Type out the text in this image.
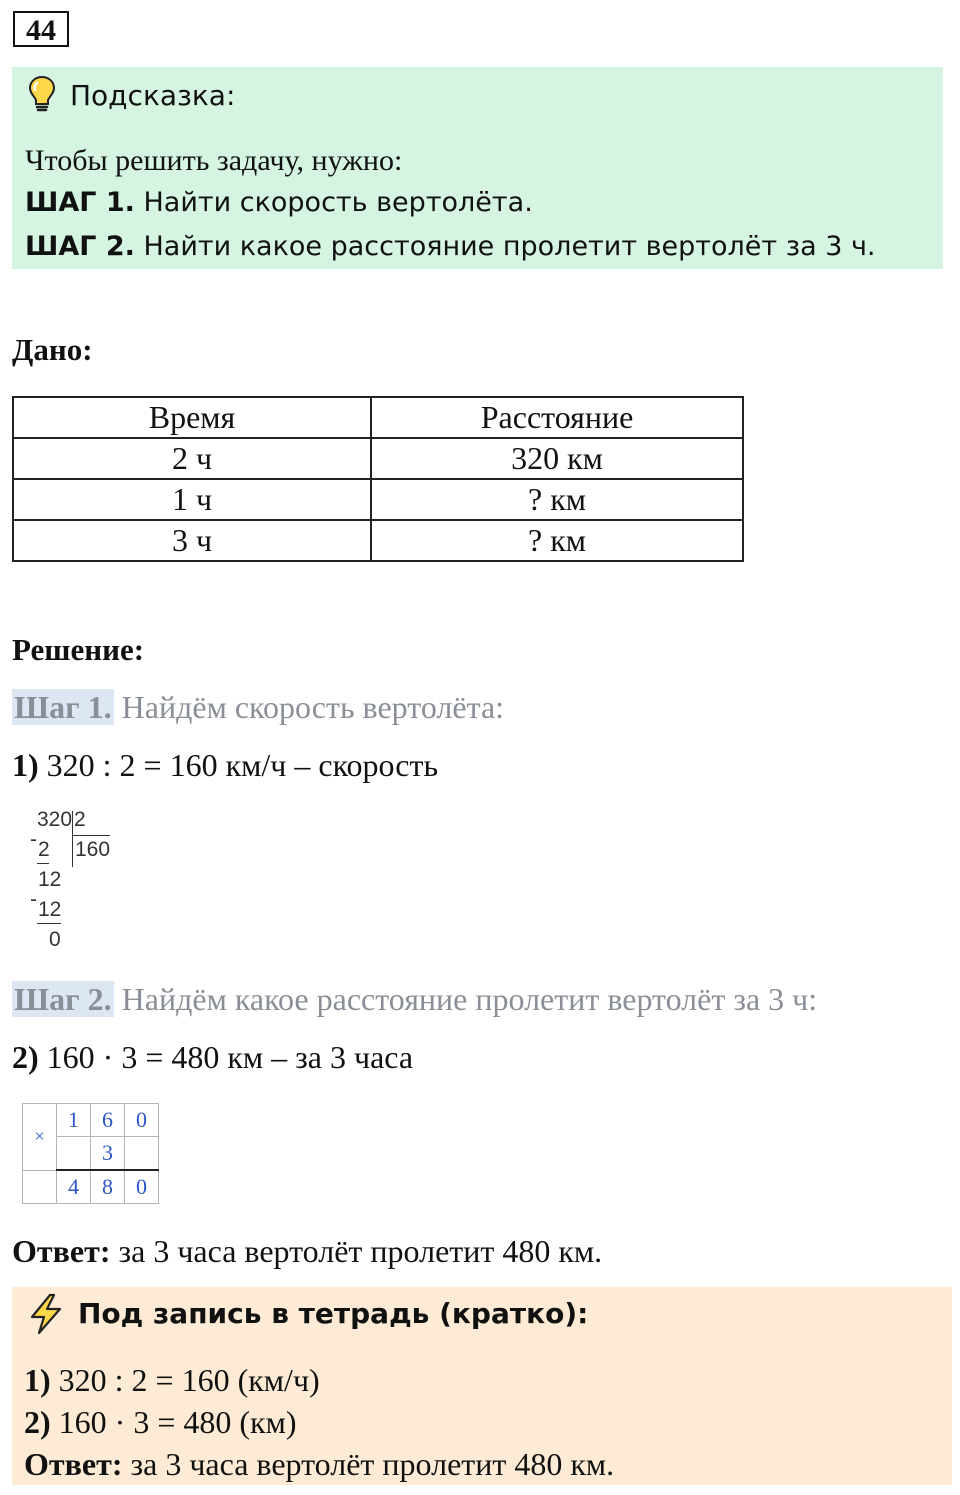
44
Подсказка:
Чтобы решить задачу, нужно:
ШАГ 1. Найти скорость вертолёта.
ШАГ 2. Найти какое расстояние пролетит вертолёт за 3 ч.
Дано:
Время	Расстояние
2 ч	320 км
1 ч	? км
3 ч	? км
Решение:
Шаг 1. Найдём скорость вертолёта:
1) 320 : 2 = 160 км/ч – скорость
320 2
160
- 2
12
- 12
0
Шаг 2. Найдём какое расстояние пролетит вертолёт за 3 ч:
2) 160 · 3 = 480 км – за 3 часа
×	1	6	0
		3	
	4	8	0
Ответ: за 3 часа вертолёт пролетит 480 км.
Под запись в тетрадь (кратко):
1) 320 : 2 = 160 (км/ч)
2) 160 · 3 = 480 (км)
Ответ: за 3 часа вертолёт пролетит 480 км.
